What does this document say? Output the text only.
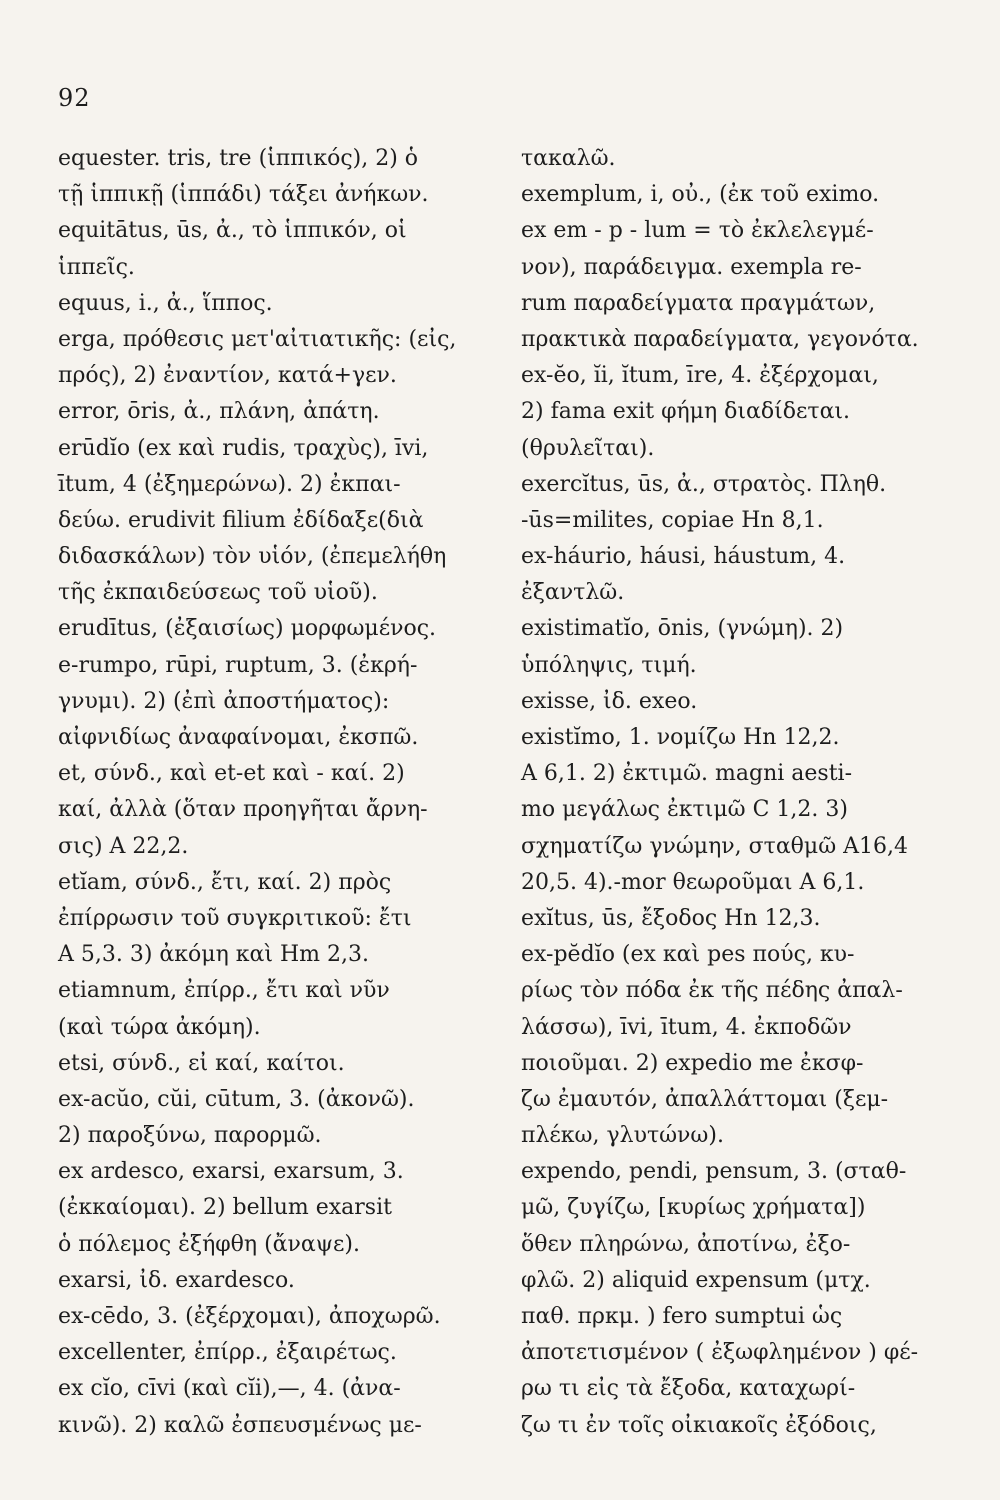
92
equester. tris, tre (ἱππικός), 2) ὁ
τῇ ἱππικῇ (ἱππάδι) τάξει ἀνήκων.
equitātus, ūs, ἀ., τὸ ἱππικόν, οἱ
ἱππεῖς.
equus, i., ἀ., ἵππος.
erga, πρόθεσις μετ'αἰτιατικῆς: (εἰς,
πρός), 2) ἐναντίον, κατά+γεν.
error, ōris, ἀ., πλάνη, ἀπάτη.
erūdĭo (ex καὶ rudis, τραχὺς), īvi,
ītum, 4 (ἐξημερώνω). 2) ἐκπαι-
δεύω. erudivit filium ἐδίδαξε(διὰ
διδασκάλων) τὸν υἱόν, (ἐπεμελήθη
τῆς ἐκπαιδεύσεως τοῦ υἱοῦ).
erudītus, (ἐξαισίως) μορφωμένος.
e-rumpo, rūpi, ruptum, 3. (ἐκρή-
γνυμι). 2) (ἐπὶ ἀποστήματος):
αἰφνιδίως ἀναφαίνομαι, ἐκσπῶ.
et, σύνδ., καὶ et-et καὶ - καί. 2)
καί, ἀλλὰ (ὅταν προηγῆται ἄρνη-
σις) A 22,2.
etĭam, σύνδ., ἔτι, καί. 2) πρὸς
ἐπίρρωσιν τοῦ συγκριτικοῦ: ἔτι
A 5,3. 3) ἀκόμη καὶ Hm 2,3.
etiamnum, ἐπίρρ., ἔτι καὶ νῦν
(καὶ τώρα ἀκόμη).
etsi, σύνδ., εἰ καί, καίτοι.
ex-acŭo, cŭi, cūtum, 3. (ἀκονῶ).
2) παροξύνω, παρορμῶ.
ex ardesco, exarsi, exarsum, 3.
(ἐκκαίομαι). 2) bellum exarsit
ὁ πόλεμος ἐξήφθη (ἄναψε).
exarsi, ἰδ. exardesco.
ex-cēdo, 3. (ἐξέρχομαι), ἀποχωρῶ.
excellenter, ἐπίρρ., ἐξαιρέτως.
ex cĭo, cīvi (καὶ cĭi),—, 4. (ἀνα-
κινῶ). 2) καλῶ ἐσπευσμένως με-
τακαλῶ.
exemplum, i, οὐ., (ἐκ τοῦ eximo.
ex em - p - lum = τὸ ἐκλελεγμέ-
νον), παράδειγμα. exempla re-
rum παραδείγματα πραγμάτων,
πρακτικὰ παραδείγματα, γεγονότα.
ex-ĕo, ĭi, ĭtum, īre, 4. ἐξέρχομαι,
2) fama exit φήμη διαδίδεται.
(θρυλεῖται).
exercĭtus, ūs, ἀ., στρατὸς. Πληθ.
-ūs=milites, copiae Hn 8,1.
ex-háurio, háusi, háustum, 4.
ἐξαντλῶ.
existimatĭo, ōnis, (γνώμη). 2)
ὑπόληψις, τιμή.
exisse, ἰδ. exeo.
existĭmo, 1. νομίζω Hn 12,2.
A 6,1. 2) ἐκτιμῶ. magni aesti-
mo μεγάλως ἐκτιμῶ C 1,2. 3)
σχηματίζω γνώμην, σταθμῶ A16,4
20,5. 4).-mor θεωροῦμαι A 6,1.
exĭtus, ūs, ἔξοδος Hn 12,3.
ex-pĕdĭo (ex καὶ pes πούς, κυ-
ρίως τὸν πόδα ἐκ τῆς πέδης ἀπαλ-
λάσσω), īvi, ītum, 4. ἐκποδῶν
ποιοῦμαι. 2) expedio me ἐκσφ-
ζω ἐμαυτόν, ἀπαλλάττομαι (ξεμ-
πλέκω, γλυτώνω).
expendo, pendi, pensum, 3. (σταθ-
μῶ, ζυγίζω, [κυρίως χρήματα])
ὅθεν πληρώνω, ἀποτίνω, ἐξο-
φλῶ. 2) aliquid expensum (μτχ.
παθ. πρκμ. ) fero sumptui ὡς
ἀποτετισμένον ( ἐξωφλημένον ) φέ-
ρω τι εἰς τὰ ἔξοδα, καταχωρί-
ζω τι ἐν τοῖς οἰκιακοῖς ἐξόδοις,
